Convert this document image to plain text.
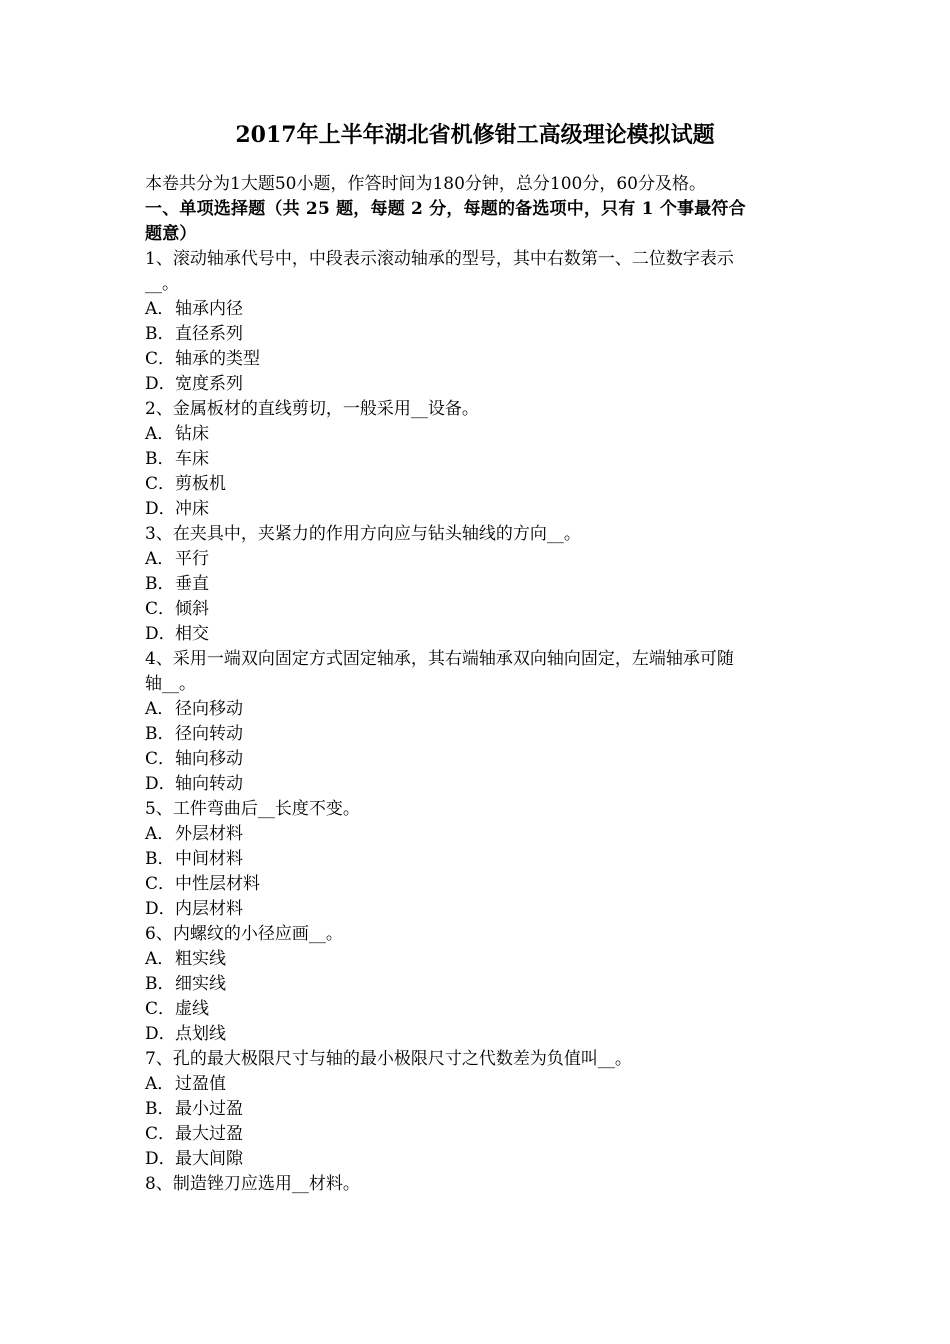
2017年上半年湖北省机修钳工高级理论模拟试题
本卷共分为1大题50小题，作答时间为180分钟，总分100分，60分及格。
一、单项选择题（共 25 题，每题 2 分，每题的备选项中，只有 1 个事最符合
题意）
1、滚动轴承代号中，中段表示滚动轴承的型号，其中右数第一、二位数字表示
__。
A．轴承内径
B．直径系列
C．轴承的类型
D．宽度系列
2、金属板材的直线剪切，一般采用__设备。
A．钻床
B．车床
C．剪板机
D．冲床
3、在夹具中，夹紧力的作用方向应与钻头轴线的方向__。
A．平行
B．垂直
C．倾斜
D．相交
4、采用一端双向固定方式固定轴承，其右端轴承双向轴向固定，左端轴承可随
轴__。
A．径向移动
B．径向转动
C．轴向移动
D．轴向转动
5、工件弯曲后__长度不变。
A．外层材料
B．中间材料
C．中性层材料
D．内层材料
6、内螺纹的小径应画__。
A．粗实线
B．细实线
C．虚线
D．点划线
7、孔的最大极限尺寸与轴的最小极限尺寸之代数差为负值叫__。
A．过盈值
B．最小过盈
C．最大过盈
D．最大间隙
8、制造锉刀应选用__材料。
